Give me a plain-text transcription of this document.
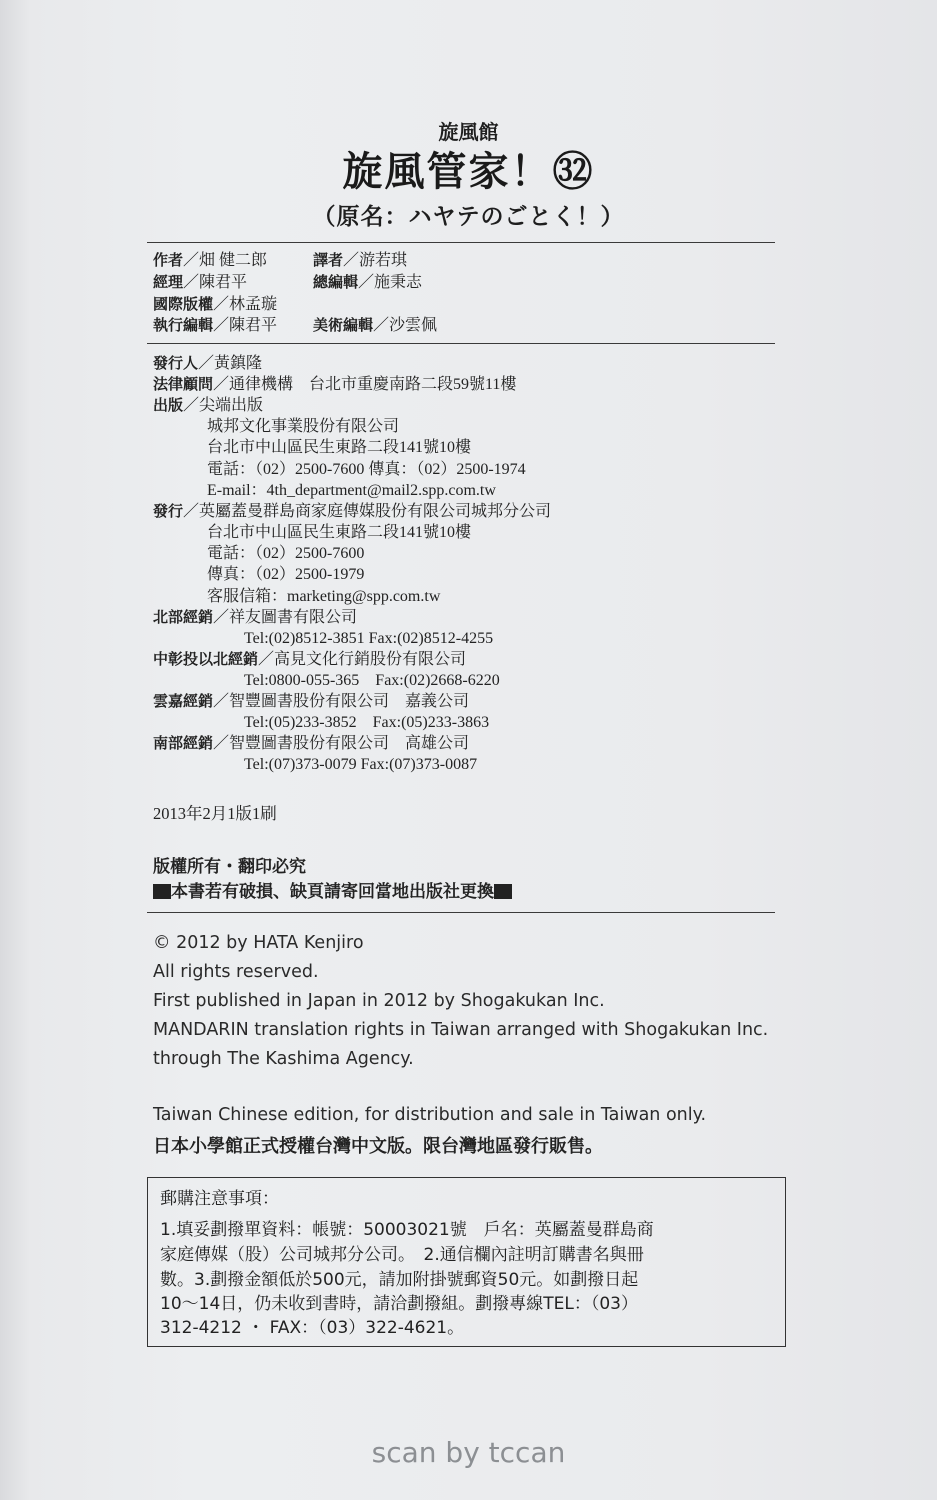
旋風館
旋風管家！㉜
（原名：ハヤテのごとく！）
作者／畑 健二郎	譯者／游若琪
經理／陳君平	總編輯／施秉志
國際版權／林孟璇
執行編輯／陳君平 美術編輯／沙雲佩
發行人／黃鎮隆
法律顧問／通律機構　台北市重慶南路二段59號11樓
出版／尖端出版
城邦文化事業股份有限公司
台北市中山區民生東路二段141號10樓
電話：（02）2500-7600 傳真：（02）2500-1974
E-mail：4th_department@mail2.spp.com.tw
發行／英屬蓋曼群島商家庭傳媒股份有限公司城邦分公司
台北市中山區民生東路二段141號10樓
電話：（02）2500-7600
傳真：（02）2500-1979
客服信箱：marketing@spp.com.tw
北部經銷／祥友圖書有限公司
Tel:(02)8512-3851 Fax:(02)8512-4255
中彰投以北經銷／高見文化行銷股份有限公司
Tel:0800-055-365　Fax:(02)2668-6220
雲嘉經銷／智豐圖書股份有限公司　嘉義公司
Tel:(05)233-3852　Fax:(05)233-3863
南部經銷／智豐圖書股份有限公司　高雄公司
Tel:(07)373-0079 Fax:(07)373-0087
2013年2月1版1刷
版權所有・翻印必究
本書若有破損、缺頁請寄回當地出版社更換
© 2012 by HATA Kenjiro
All rights reserved.
First published in Japan in 2012 by Shogakukan Inc.
MANDARIN translation rights in Taiwan arranged with Shogakukan Inc.
through The Kashima Agency.
Taiwan Chinese edition, for distribution and sale in Taiwan only.
日本小學館正式授權台灣中文版。限台灣地區發行販售。
郵購注意事項：
1.填妥劃撥單資料：帳號：50003021號　戶名：英屬蓋曼群島商
家庭傳媒（股）公司城邦分公司。　2.通信欄內註明訂購書名與冊
數。3.劃撥金額低於500元，請加附掛號郵資50元。如劃撥日起
10～14日，仍未收到書時，請洽劃撥組。劃撥專線TEL：（03）
312-4212 ・ FAX：（03）322-4621。
scan by tccan
